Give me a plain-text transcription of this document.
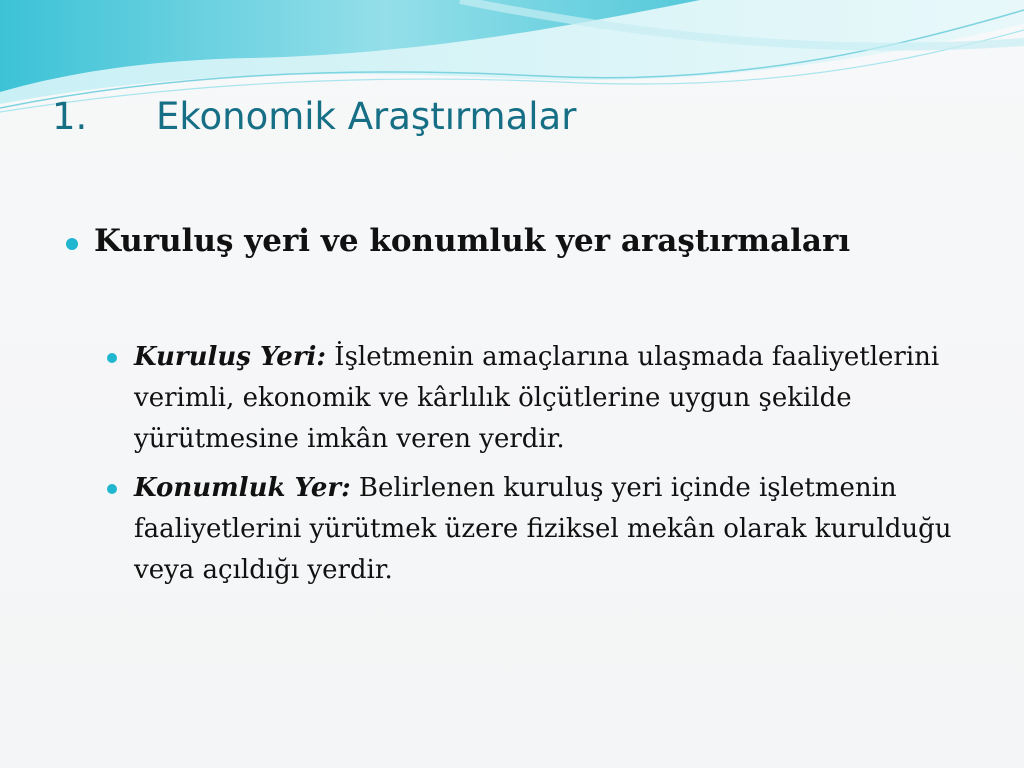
1.	Ekonomik Araştırmalar
Kuruluş yeri ve konumluk yer araştırmaları
Kuruluş Yeri: İşletmenin amaçlarına ulaşmada faaliyetlerini verimli, ekonomik ve kârlılık ölçütlerine uygun şekilde yürütmesine imkân veren yerdir.
Konumluk Yer: Belirlenen kuruluş yeri içinde işletmenin faaliyetlerini yürütmek üzere fiziksel mekân olarak kurulduğu veya açıldığı yerdir.
